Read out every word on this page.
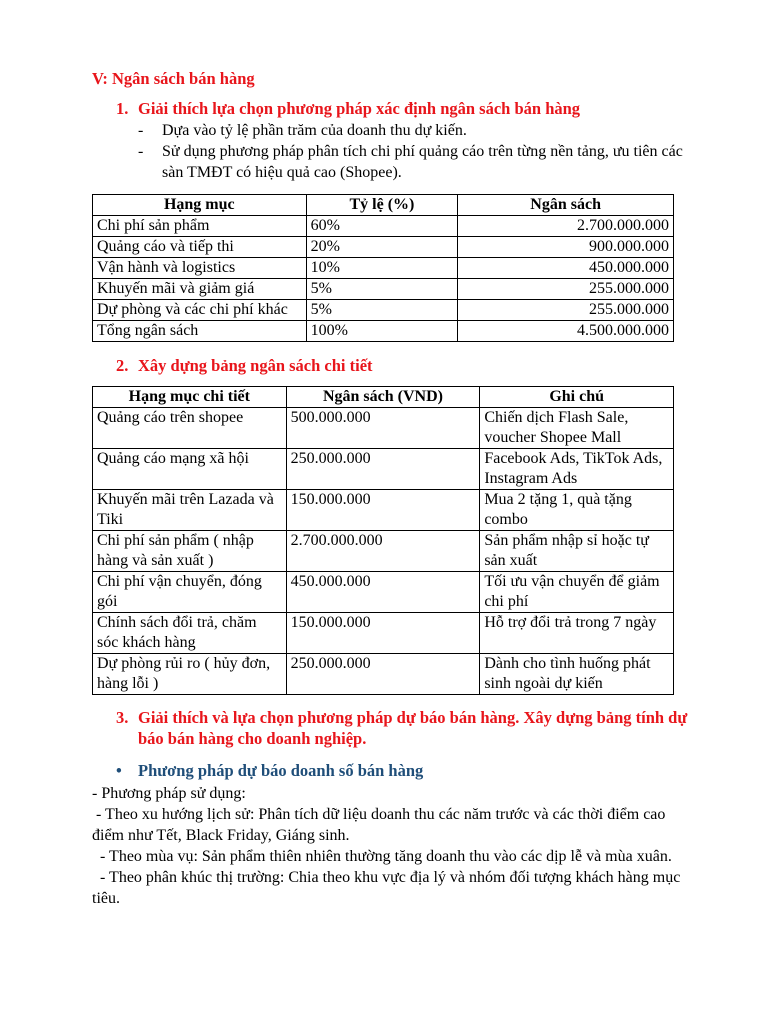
V: Ngân sách bán hàng
1. Giải thích lựa chọn phương pháp xác định ngân sách bán hàng
- Dựa vào tỷ lệ phần trăm của doanh thu dự kiến.
- Sử dụng phương pháp phân tích chi phí quảng cáo trên từng nền tảng, ưu tiên các sàn TMĐT có hiệu quả cao (Shopee).
Hạng mục	Tỷ lệ (%)	Ngân sách
Chi phí sản phẩm	60%	2.700.000.000
Quảng cáo và tiếp thi	20%	900.000.000
Vận hành và logistics	10%	450.000.000
Khuyến mãi và giảm giá	5%	255.000.000
Dự phòng và các chi phí khác	5%	255.000.000
Tổng ngân sách	100%	4.500.000.000
2. Xây dựng bảng ngân sách chi tiết
Hạng mục chi tiết	Ngân sách (VND)	Ghi chú
Quảng cáo trên shopee	500.000.000	Chiến dịch Flash Sale, voucher Shopee Mall
Quảng cáo mạng xã hội	250.000.000	Facebook Ads, TikTok Ads, Instagram Ads
Khuyến mãi trên Lazada và Tiki	150.000.000	Mua 2 tặng 1, quà tặng combo
Chi phí sản phẩm ( nhập hàng và sản xuất )	2.700.000.000	Sản phẩm nhập sỉ hoặc tự sản xuất
Chi phí vận chuyển, đóng gói	450.000.000	Tối ưu vận chuyển để giảm chi phí
Chính sách đổi trả, chăm sóc khách hàng	150.000.000	Hỗ trợ đổi trả trong 7 ngày
Dự phòng rủi ro ( hủy đơn, hàng lỗi )	250.000.000	Dành cho tình huống phát sinh ngoài dự kiến
3. Giải thích và lựa chọn phương pháp dự báo bán hàng. Xây dựng bảng tính dự báo bán hàng cho doanh nghiệp.
• Phương pháp dự báo doanh số bán hàng

- Phương pháp sử dụng:

- Theo xu hướng lịch sử: Phân tích dữ liệu doanh thu các năm trước và các thời điểm cao điểm như Tết, Black Friday, Giáng sinh.

- Theo mùa vụ: Sản phẩm thiên nhiên thường tăng doanh thu vào các dịp lễ và mùa xuân.

- Theo phân khúc thị trường: Chia theo khu vực địa lý và nhóm đối tượng khách hàng mục tiêu.
